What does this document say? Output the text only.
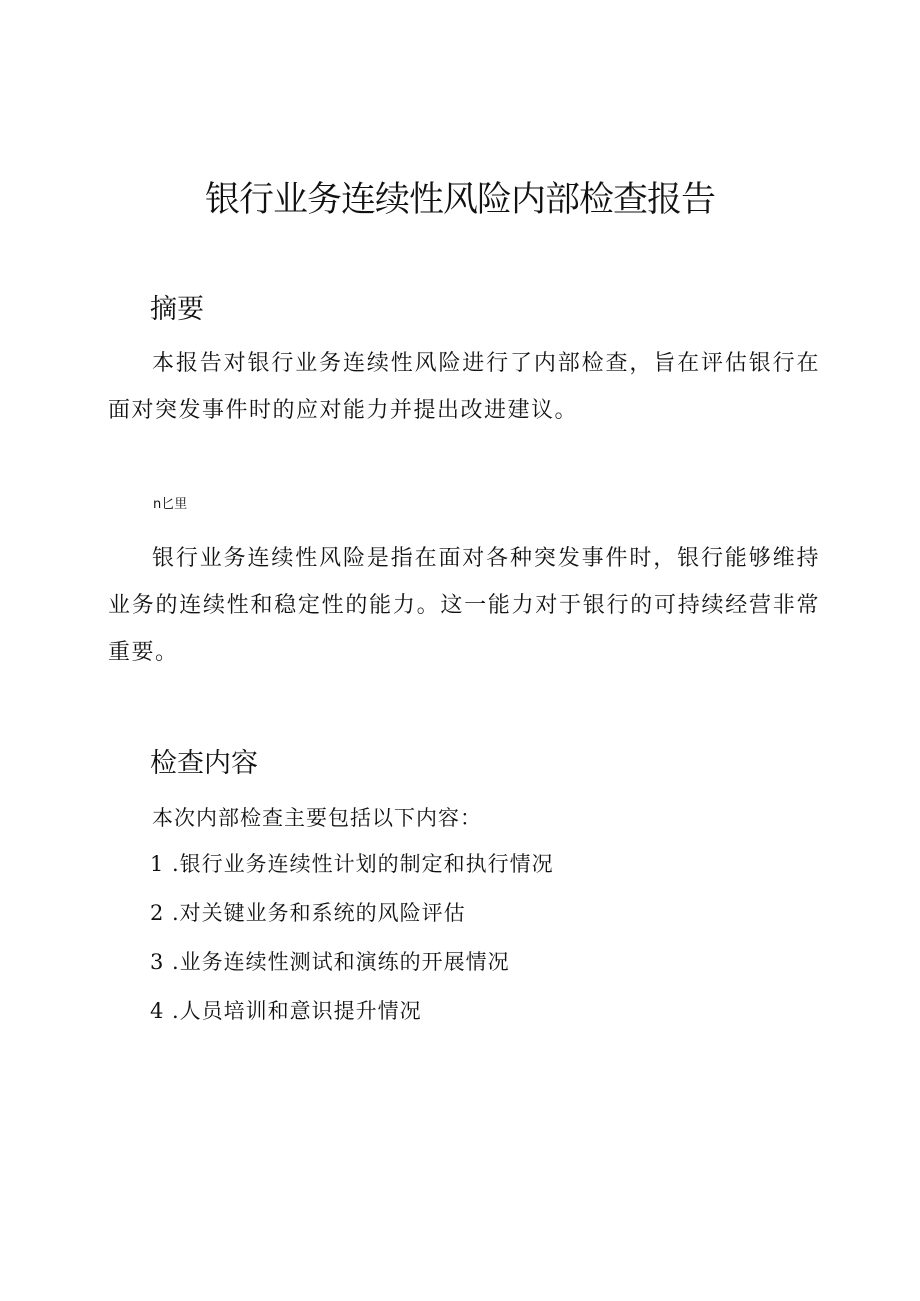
银行业务连续性风险内部检查报告
摘要

本报告对银行业务连续性风险进行了内部检查，旨在评估银行在面对突发事件时的应对能力并提出改进建议。

n匕里

银行业务连续性风险是指在面对各种突发事件时，银行能够维持业务的连续性和稳定性的能力。这一能力对于银行的可持续经营非常重要。

检查内容

本次内部检查主要包括以下内容：

1 .银行业务连续性计划的制定和执行情况
2 .对关键业务和系统的风险评估
3 .业务连续性测试和演练的开展情况
4 .人员培训和意识提升情况
